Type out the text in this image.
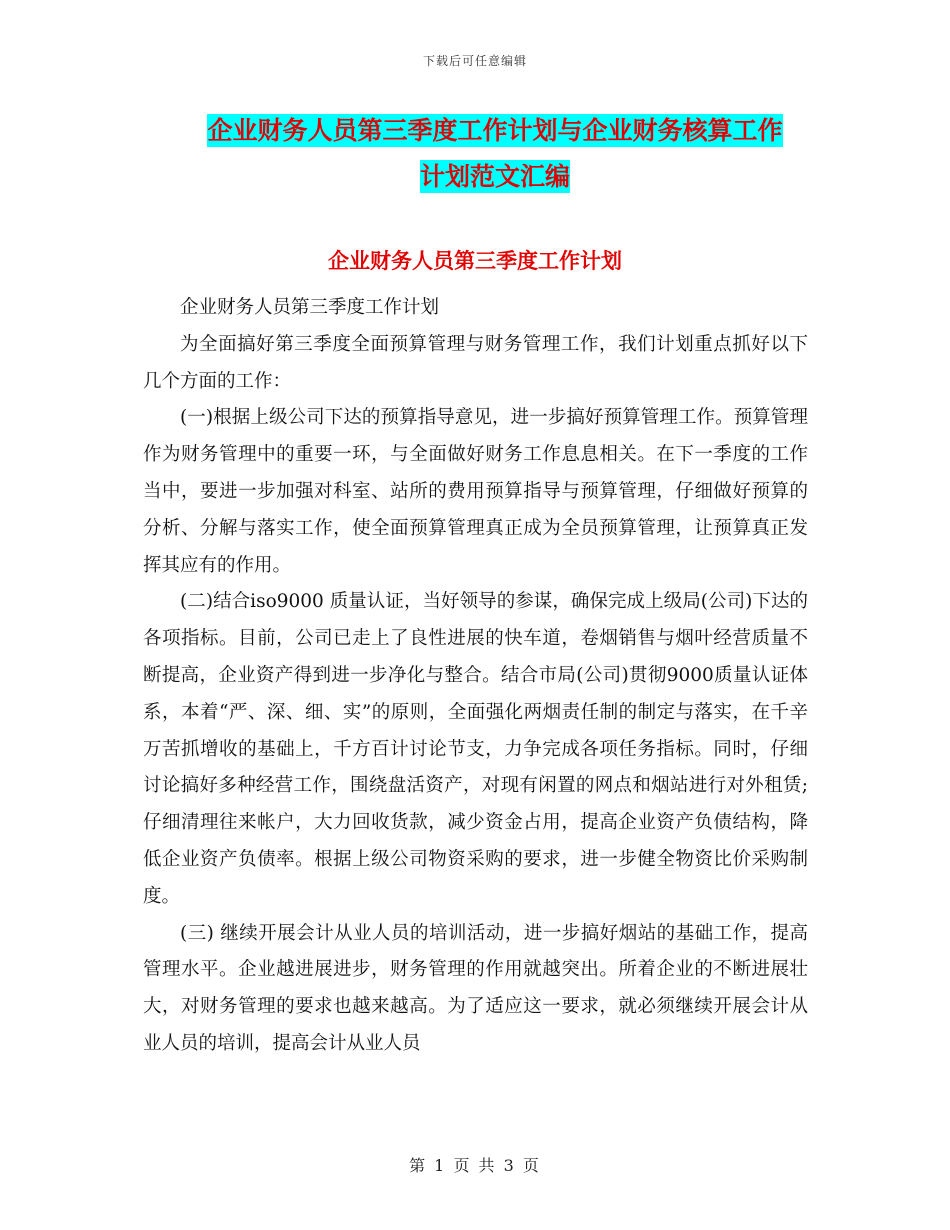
下载后可任意编辑
企业财务人员第三季度工作计划与企业财务核算工作
计划范文汇编
企业财务人员第三季度工作计划

企业财务人员第三季度工作计划

为全面搞好第三季度全面预算管理与财务管理工作，我们计划重点抓好以下几个方面的工作：

(一)根据上级公司下达的预算指导意见，进一步搞好预算管理工作。预算管理作为财务管理中的重要一环，与全面做好财务工作息息相关。在下一季度的工作当中，要进一步加强对科室、站所的费用预算指导与预算管理，仔细做好预算的分析、分解与落实工作，使全面预算管理真正成为全员预算管理，让预算真正发挥其应有的作用。

(二)结合iso9000 质量认证，当好领导的参谋，确保完成上级局(公司)下达的各项指标。目前，公司已走上了良性进展的快车道，卷烟销售与烟叶经营质量不断提高，企业资产得到进一步净化与整合。结合市局(公司)贯彻9000质量认证体系，本着“严、深、细、实”的原则，全面强化两烟责任制的制定与落实，在千辛万苦抓增收的基础上，千方百计讨论节支，力争完成各项任务指标。同时，仔细讨论搞好多种经营工作，围绕盘活资产，对现有闲置的网点和烟站进行对外租赁;仔细清理往来帐户，大力回收货款，减少资金占用，提高企业资产负债结构，降低企业资产负债率。根据上级公司物资采购的要求，进一步健全物资比价采购制度。

(三) 继续开展会计从业人员的培训活动，进一步搞好烟站的基础工作，提高管理水平。企业越进展进步，财务管理的作用就越突出。所着企业的不断进展壮大，对财务管理的要求也越来越高。为了适应这一要求，就必须继续开展会计从业人员的培训，提高会计从业人员

第 1 页 共 3 页
